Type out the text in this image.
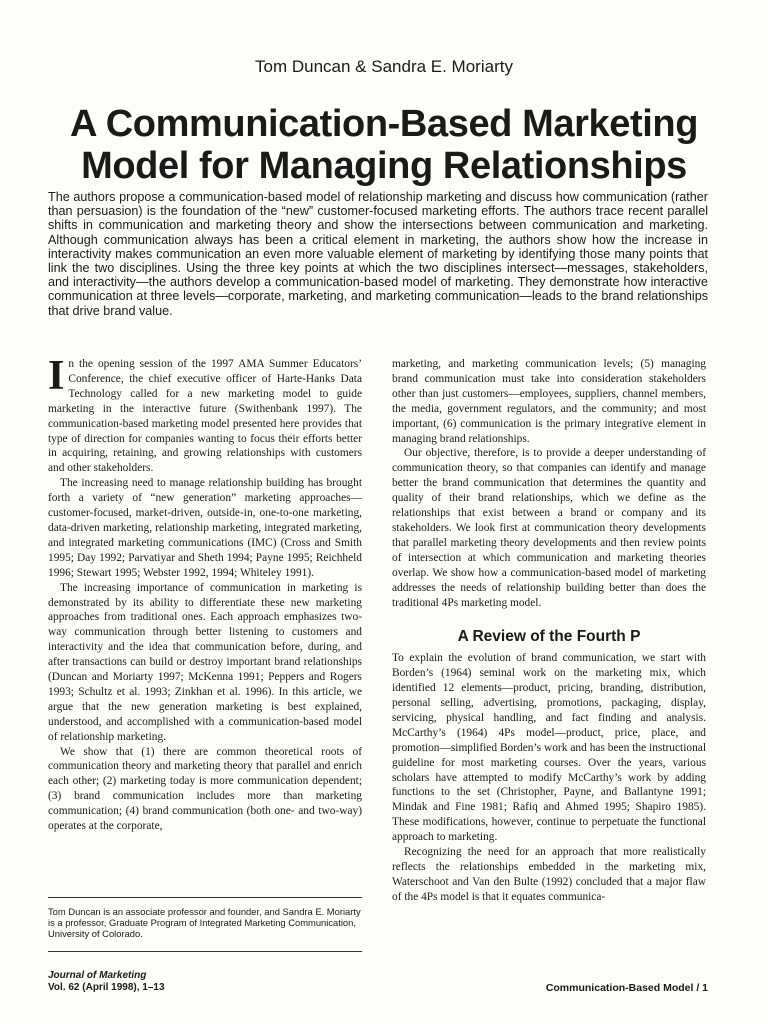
Tom Duncan & Sandra E. Moriarty

A Communication-Based Marketing
Model for Managing Relationships

The authors propose a communication-based model of relationship marketing and discuss how communication (rather than persuasion) is the foundation of the “new” customer-focused marketing efforts. The authors trace recent parallel shifts in communication and marketing theory and show the intersections between communication and marketing. Although communication always has been a critical element in marketing, the authors show how the increase in interactivity makes communication an even more valuable element of marketing by identifying those many points that link the two disciplines. Using the three key points at which the two disciplines intersect—messages, stakeholders, and interactivity—the authors develop a communication-based model of marketing. They demonstrate how interactive communication at three levels—corporate, marketing, and marketing communication—leads to the brand relationships that drive brand value.

In the opening session of the 1997 AMA Summer Educators’ Conference, the chief executive officer of Harte-Hanks Data Technology called for a new marketing model to guide marketing in the interactive future (Swithenbank 1997). The communication-based marketing model presented here provides that type of direction for companies wanting to focus their efforts better in acquiring, retaining, and growing relationships with customers and other stakeholders.

The increasing need to manage relationship building has brought forth a variety of “new generation” marketing approaches—customer-focused, market-driven, outside-in, one-to-one marketing, data-driven marketing, relationship marketing, integrated marketing, and integrated marketing communications (IMC) (Cross and Smith 1995; Day 1992; Parvatiyar and Sheth 1994; Payne 1995; Reichheld 1996; Stewart 1995; Webster 1992, 1994; Whiteley 1991).

The increasing importance of communication in marketing is demonstrated by its ability to differentiate these new marketing approaches from traditional ones. Each approach emphasizes two-way communication through better listening to customers and interactivity and the idea that communication before, during, and after transactions can build or destroy important brand relationships (Duncan and Moriarty 1997; McKenna 1991; Peppers and Rogers 1993; Schultz et al. 1993; Zinkhan et al. 1996). In this article, we argue that the new generation marketing is best explained, understood, and accomplished with a communication-based model of relationship marketing.

We show that (1) there are common theoretical roots of communication theory and marketing theory that parallel and enrich each other; (2) marketing today is more communication dependent; (3) brand communication includes more than marketing communication; (4) brand communication (both one- and two-way) operates at the corporate,

marketing, and marketing communication levels; (5) managing brand communication must take into consideration stakeholders other than just customers—employees, suppliers, channel members, the media, government regulators, and the community; and most important, (6) communication is the primary integrative element in managing brand relationships.

Our objective, therefore, is to provide a deeper understanding of communication theory, so that companies can identify and manage better the brand communication that determines the quantity and quality of their brand relationships, which we define as the relationships that exist between a brand or company and its stakeholders. We look first at communication theory developments that parallel marketing theory developments and then review points of intersection at which communication and marketing theories overlap. We show how a communication-based model of marketing addresses the needs of relationship building better than does the traditional 4Ps marketing model.

A Review of the Fourth P

To explain the evolution of brand communication, we start with Borden’s (1964) seminal work on the marketing mix, which identified 12 elements—product, pricing, branding, distribution, personal selling, advertising, promotions, packaging, display, servicing, physical handling, and fact finding and analysis. McCarthy’s (1964) 4Ps model—product, price, place, and promotion—simplified Borden’s work and has been the instructional guideline for most marketing courses. Over the years, various scholars have attempted to modify McCarthy’s work by adding functions to the set (Christopher, Payne, and Ballantyne 1991; Mindak and Fine 1981; Rafiq and Ahmed 1995; Shapiro 1985). These modifications, however, continue to perpetuate the functional approach to marketing.

Recognizing the need for an approach that more realistically reflects the relationships embedded in the marketing mix, Waterschoot and Van den Bulte (1992) concluded that a major flaw of the 4Ps model is that it equates communica-

Tom Duncan is an associate professor and founder, and Sandra E. Moriarty is a professor, Graduate Program of Integrated Marketing Communication, University of Colorado.

Journal of Marketing
Vol. 62 (April 1998), 1–13	Communication-Based Model / 1
